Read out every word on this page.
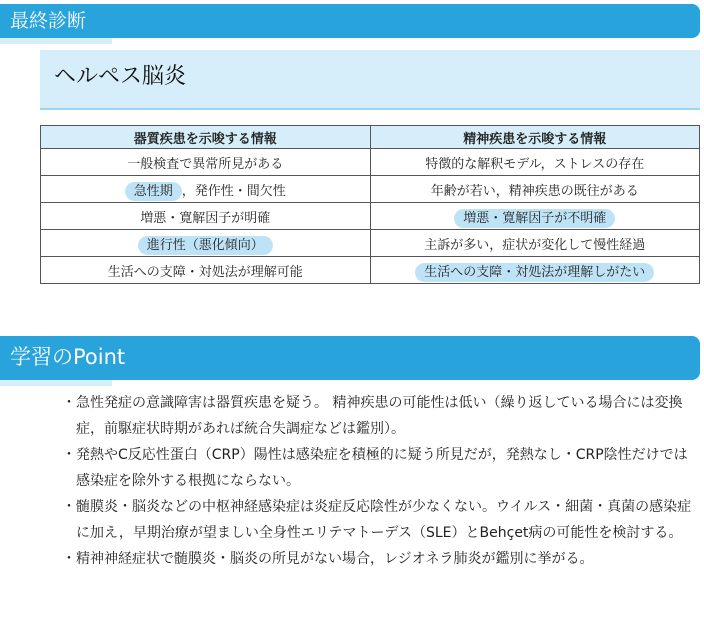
最終診断
ヘルペス脳炎
器質疾患を示唆する情報	精神疾患を示唆する情報
一般検査で異常所見がある	特徴的な解釈モデル，ストレスの存在
急性期 ，発作性・間欠性	年齢が若い，精神疾患の既往がある
増悪・寛解因子が明確	増悪・寛解因子が不明確
進行性（悪化傾向）	主訴が多い，症状が変化して慢性経過
生活への支障・対処法が理解可能	生活への支障・対処法が理解しがたい
学習のPoint
・ 急性発症の意識障害は器質疾患を疑う。 精神疾患の可能性は低い（繰り返している場合には変換症，前駆症状時期があれば統合失調症などは鑑別）。
・ 発熱やC反応性蛋白（CRP）陽性は感染症を積極的に疑う所見だが，発熱なし・CRP陰性だけでは感染症を除外する根拠にならない。
・ 髄膜炎・脳炎などの中枢神経感染症は炎症反応陰性が少なくない。ウイルス・細菌・真菌の感染症に加え，早期治療が望ましい全身性エリテマトーデス（SLE）とBehçet病の可能性を検討する。
・ 精神神経症状で髄膜炎・脳炎の所見がない場合，レジオネラ肺炎が鑑別に挙がる。
